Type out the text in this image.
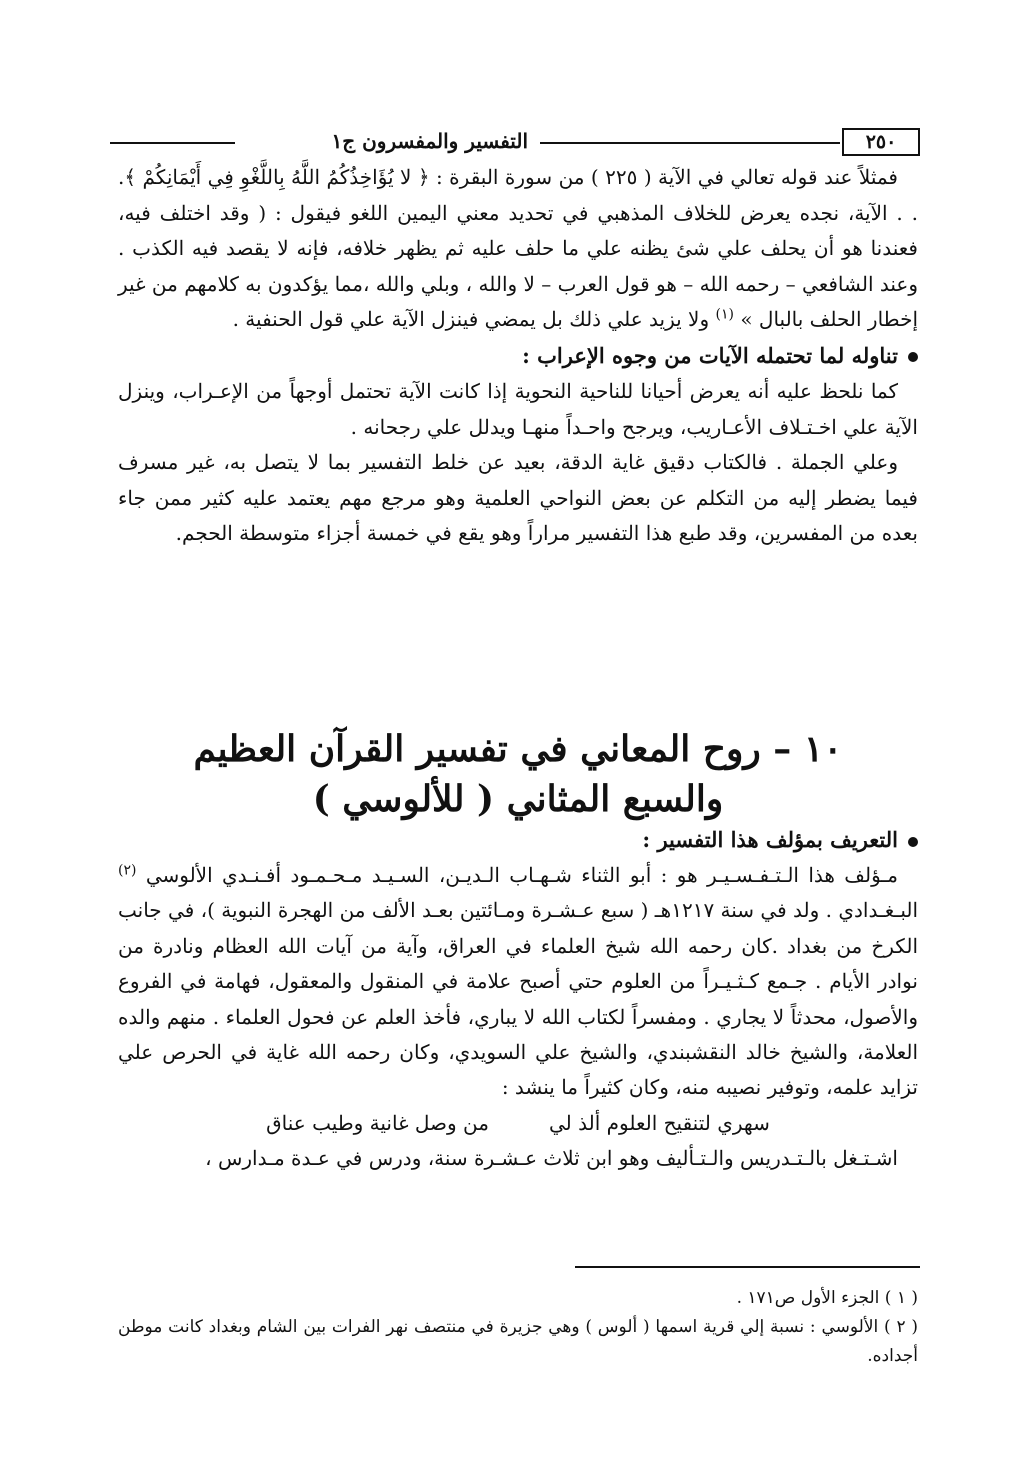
٢٥٠
التفسير والمفسرون ج١

فمثلاً عند قوله تعالي في الآية ( ٢٢٥ ) من سورة البقرة : ﴿ لا يُؤَاخِذُكُمُ اللَّهُ بِاللَّغْوِ فِي أَيْمَانِكُمْ ﴾. . . الآية، نجده يعرض للخلاف المذهبي في تحديد معني اليمين اللغو فيقول : ( وقد اختلف فيه، فعندنا هو أن يحلف علي شئ يظنه علي ما حلف عليه ثم يظهر خلافه، فإنه لا يقصد فيه الكذب . وعند الشافعي – رحمه الله – هو قول العرب – لا والله ، وبلي والله ،مما يؤكدون به كلامهم من غير إخطار الحلف بالبال » $^{(١)}$ ولا يزيد علي ذلك بل يمضي فينزل الآية علي قول الحنفية .

تناوله لما تحتمله الآيات من وجوه الإعراب :

كما نلحظ عليه أنه يعرض أحيانا للناحية النحوية إذا كانت الآية تحتمل أوجهاً من الإعـراب، وينزل الآية علي اخـتـلاف الأعـاريب، ويرجح واحـداً منهـا ويدلل علي رجحانه .

وعلي الجملة . فالكتاب دقيق غاية الدقة، بعيد عن خلط التفسير بما لا يتصل به، غير مسرف فيما يضطر إليه من التكلم عن بعض النواحي العلمية وهو مرجع مهم يعتمد عليه كثير ممن جاء بعده من المفسرين، وقد طبع هذا التفسير مراراً وهو يقع في خمسة أجزاء متوسطة الحجم.

١٠ – روح المعاني في تفسير القرآن العظيم
والسبع المثاني ( للألوسي )

التعريف بمؤلف هذا التفسير :

مـؤلف هذا الـتـفـسـيـر هو : أبو الثناء شـهـاب الـديـن، السـيـد مـحـمـود أفـنـدي الألوسي $^{(٢)}$ البـغـدادي . ولد في سنة ١٢١٧هـ ( سبع عـشـرة ومـائتين بعـد الألف من الهجرة النبوية )، في جانب الكرخ من بغداد .كان رحمه الله شيخ العلماء في العراق، وآية من آيات الله العظام ونادرة من نوادر الأيام . جـمع كـثـيـراً من العلوم حتي أصبح علامة في المنقول والمعقول، فهامة في الفروع والأصول، محدثاً لا يجاري . ومفسراً لكتاب الله لا يباري، فأخذ العلم عن فحول العلماء . منهم والده العلامة، والشيخ خالد النقشبندي، والشيخ علي السويدي، وكان رحمه الله غاية في الحرص علي تزايد علمه، وتوفير نصيبه منه، وكان كثيراً ما ينشد :

سهري لتنقيح العلوم ألذ لي
من وصل غانية وطيب عناق

اشـتـغل بالـتـدريس والـتـأليف وهو ابن ثلاث عـشـرة سنة، ودرس في عـدة مـدارس ،

( ١ ) الجزء الأول ص١٧١ .

( ٢ ) الألوسي : نسبة إلي قرية اسمها ( ألوس ) وهي جزيرة في منتصف نهر الفرات بين الشام وبغداد كانت موطن أجداده.
